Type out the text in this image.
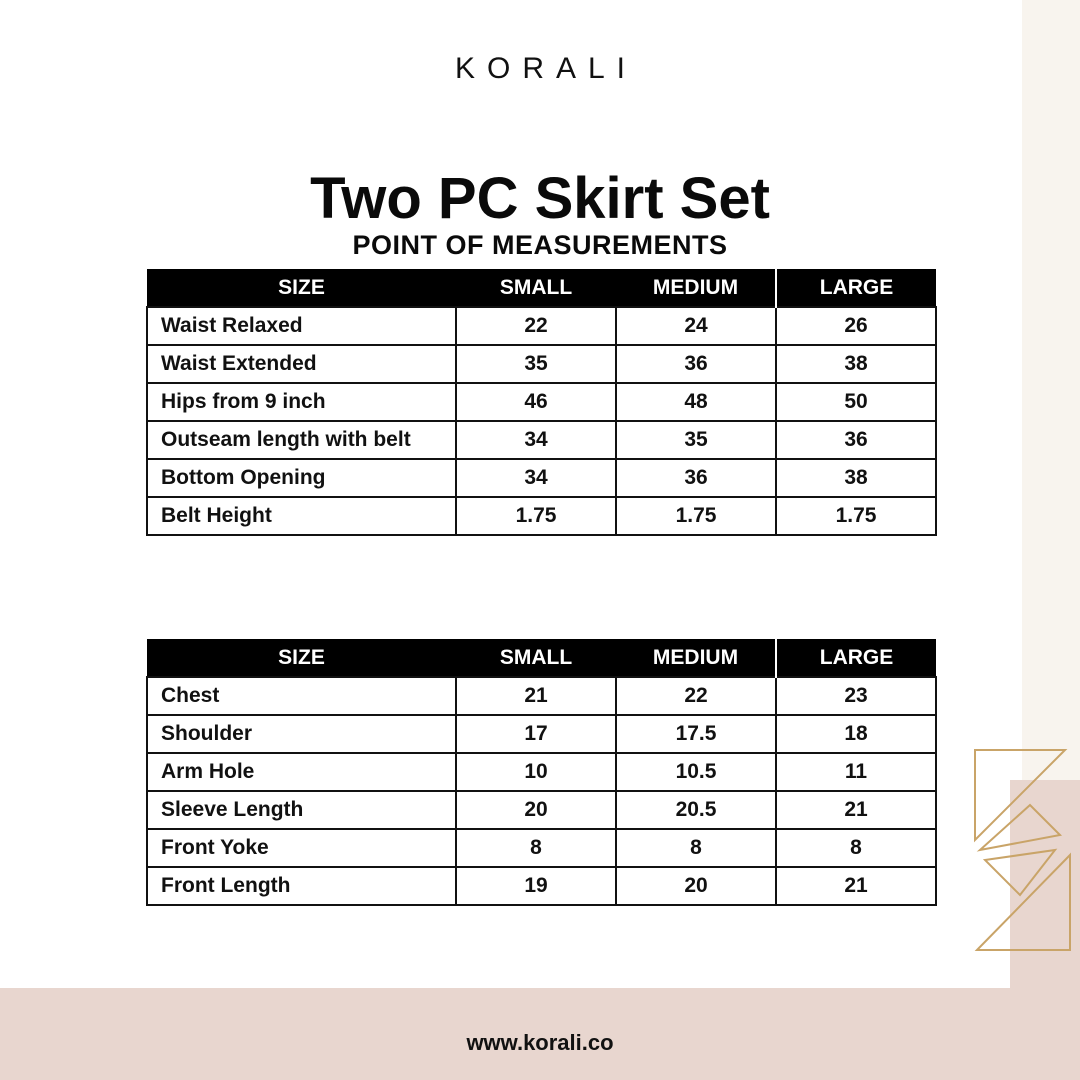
KORALI
Two PC Skirt Set
POINT OF MEASUREMENTS
SIZE	SMALL	MEDIUM	LARGE
Waist Relaxed	22	24	26
Waist Extended	35	36	38
Hips from 9 inch	46	48	50
Outseam length with belt	34	35	36
Bottom Opening	34	36	38
Belt Height	1.75	1.75	1.75
SIZE	SMALL	MEDIUM	LARGE
Chest	21	22	23
Shoulder	17	17.5	18
Arm Hole	10	10.5	11
Sleeve Length	20	20.5	21
Front Yoke	8	8	8
Front Length	19	20	21
www.korali.co
